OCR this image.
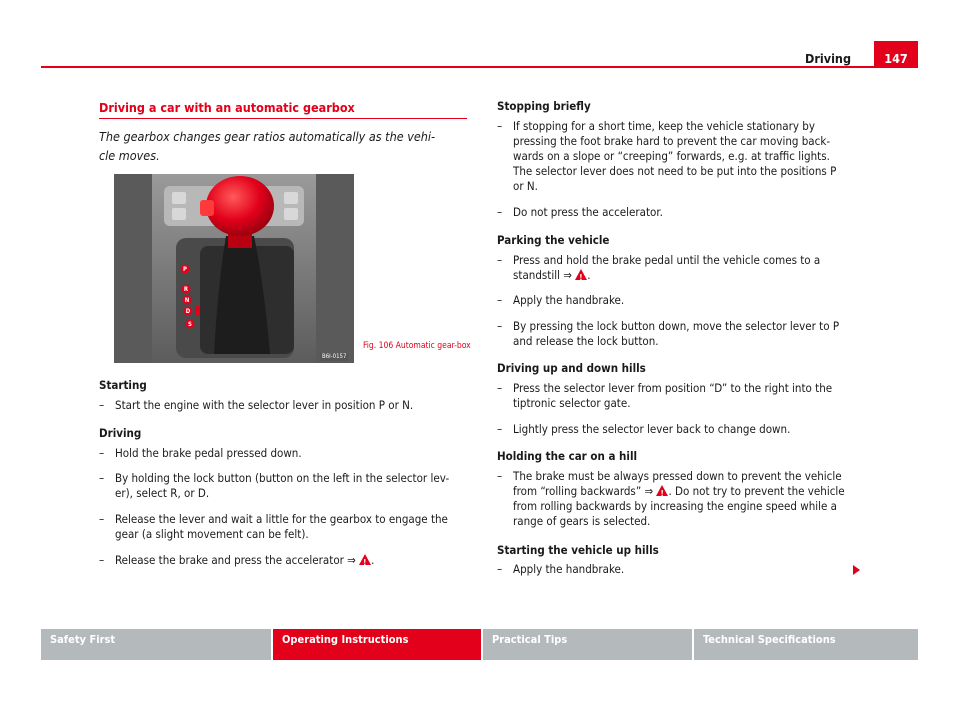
Driving	147
Driving a car with an automatic gearbox
The gearbox changes gear ratios automatically as the vehi-
cle moves.
P
R
N
D
S
B6I-0157
Fig. 106 Automatic gear-box
Starting
– Start the engine with the selector lever in position P or N.
Driving
– Hold the brake pedal pressed down.
– By holding the lock button (button on the left in the selector lev-
er), select R, or D.
– Release the lever and wait a little for the gearbox to engage the
gear (a slight movement can be felt).
– Release the brake and press the accelerator ⇒ ! .
Stopping briefly
– If stopping for a short time, keep the vehicle stationary by
pressing the foot brake hard to prevent the car moving back-
wards on a slope or “creeping” forwards, e.g. at traffic lights.
The selector lever does not need to be put into the positions P
or N.
– Do not press the accelerator.
Parking the vehicle
– Press and hold the brake pedal until the vehicle comes to a
standstill ⇒ ! .
– Apply the handbrake.
– By pressing the lock button down, move the selector lever to P
and release the lock button.
Driving up and down hills
– Press the selector lever from position “D” to the right into the
tiptronic selector gate.
– Lightly press the selector lever back to change down.
Holding the car on a hill
– The brake must be always pressed down to prevent the vehicle
from “rolling backwards” ⇒ ! . Do not try to prevent the vehicle
from rolling backwards by increasing the engine speed while a
range of gears is selected.
Starting the vehicle up hills
– Apply the handbrake.
Safety First	Operating Instructions	Practical Tips	Technical Specifications
